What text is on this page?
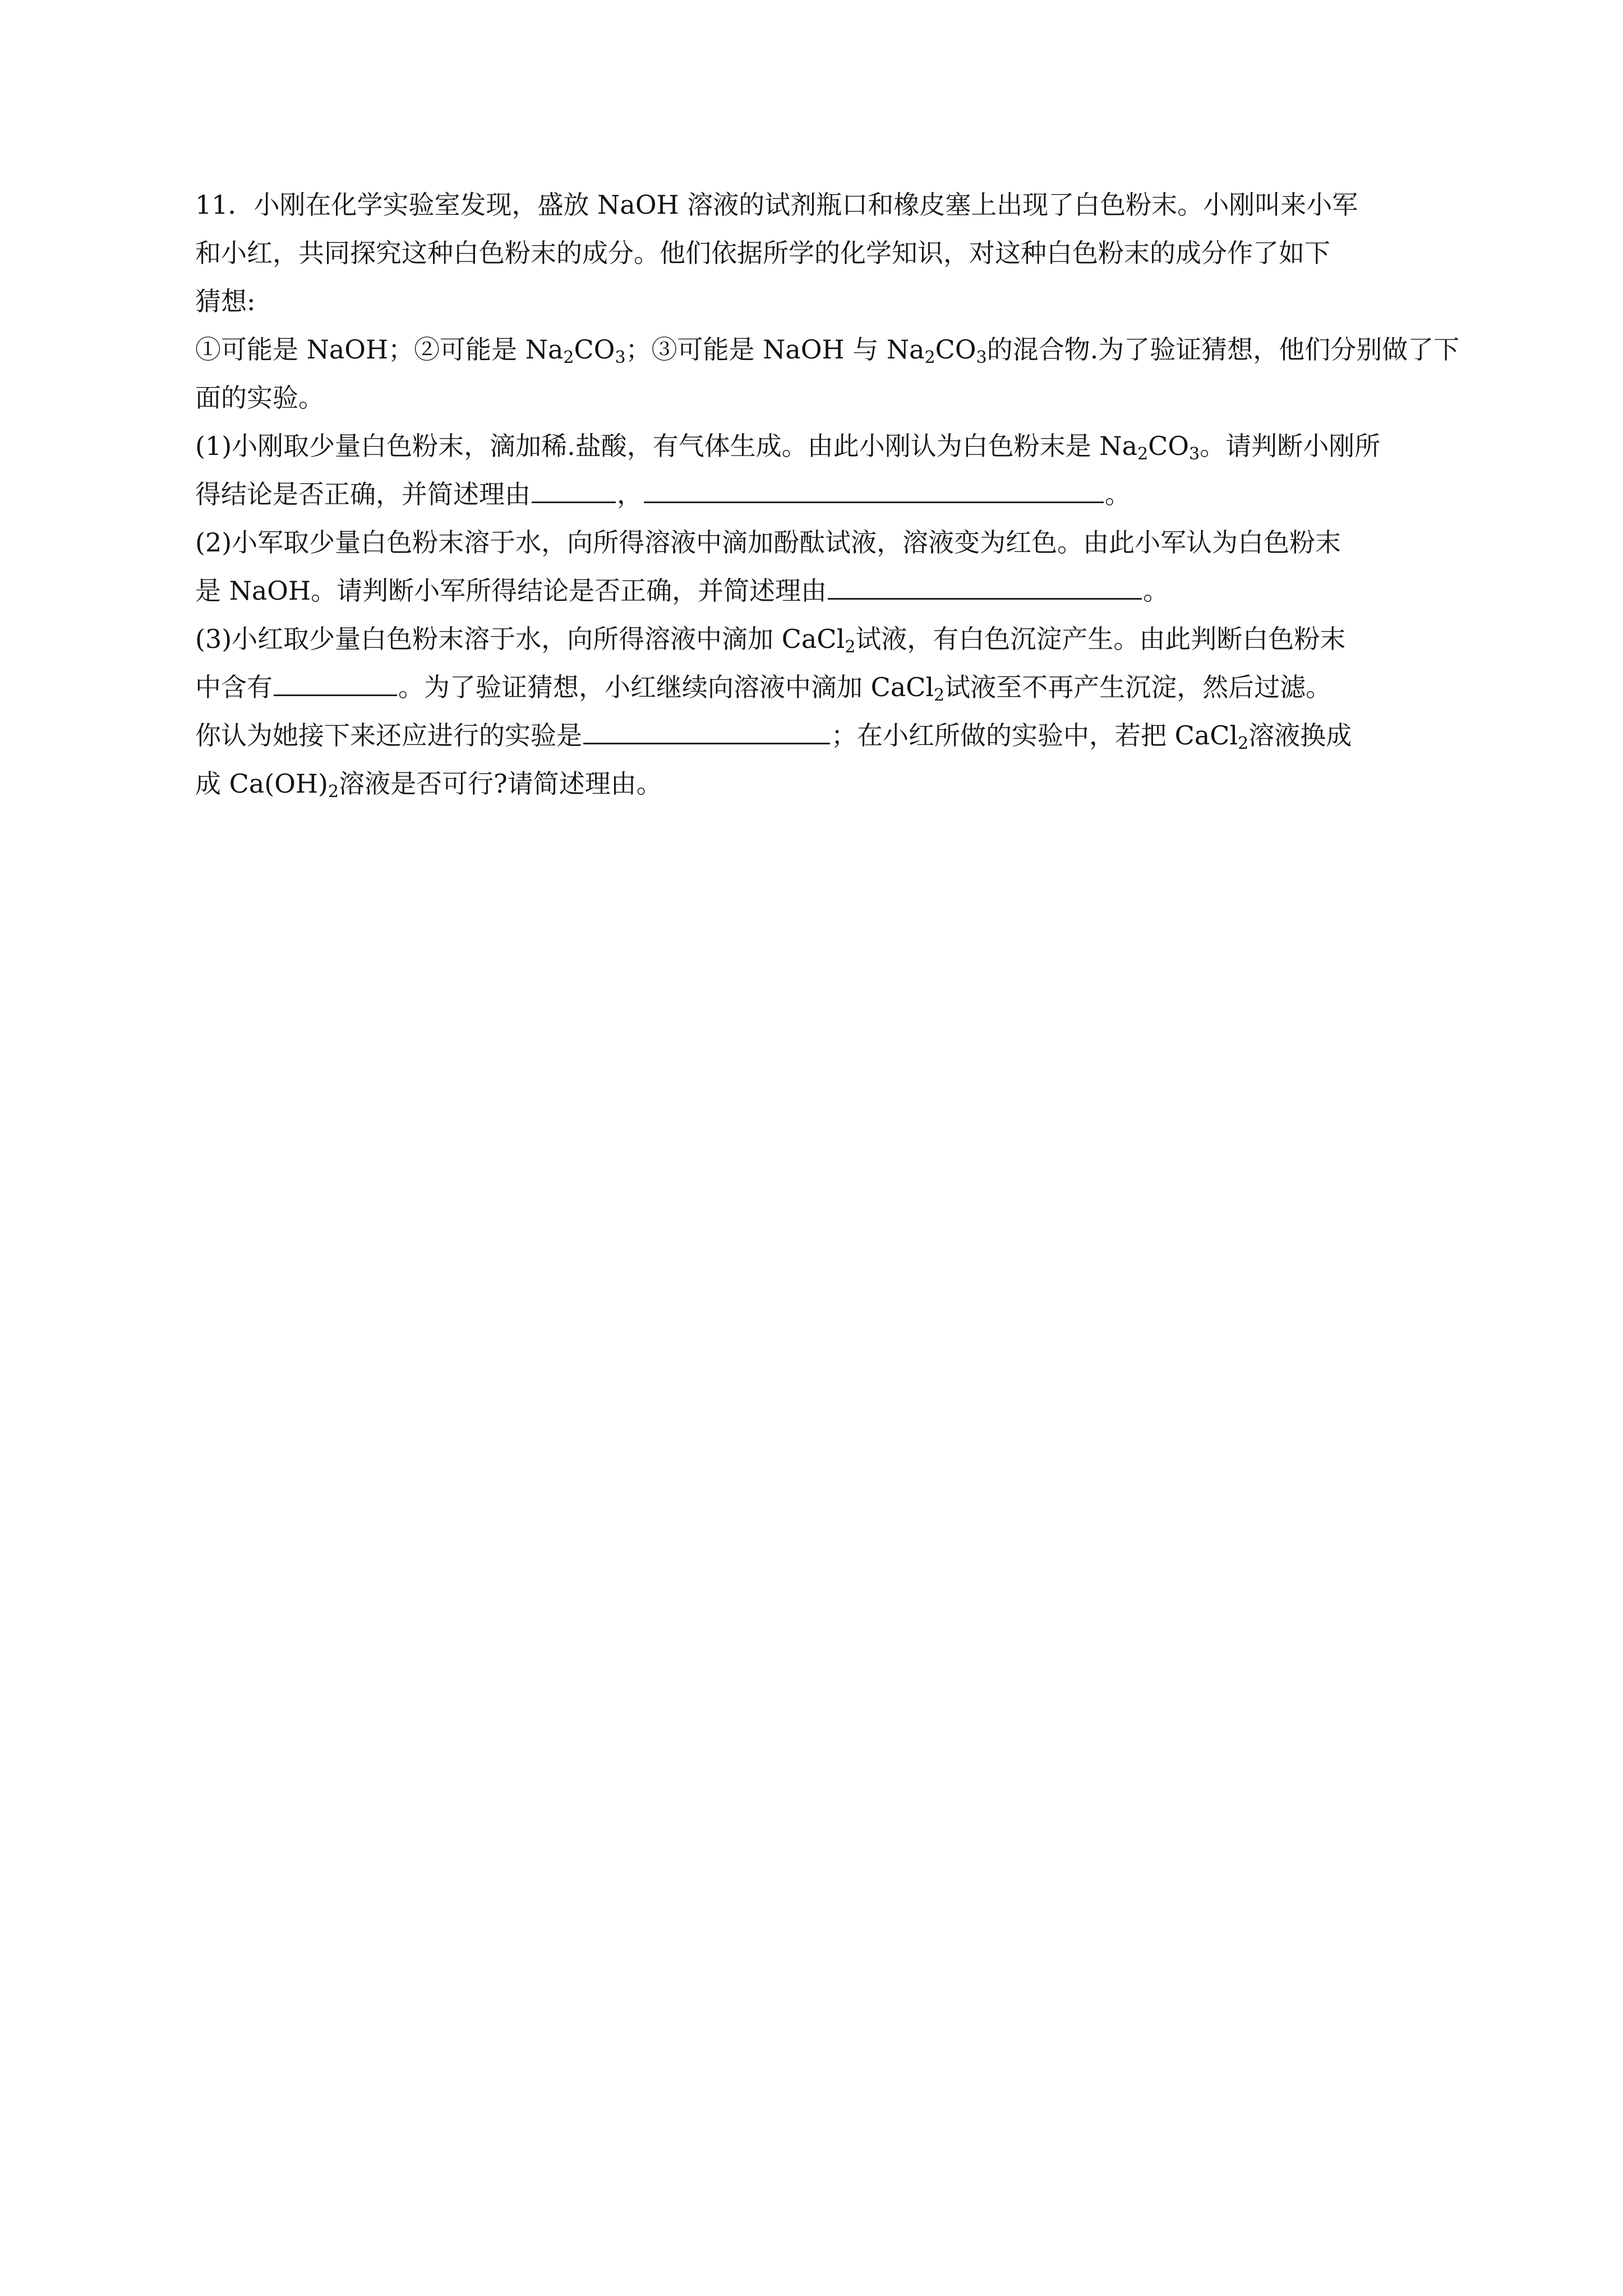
11．小刚在化学实验室发现，盛放 NaOH 溶液的试剂瓶口和橡皮塞上出现了白色粉末。小刚叫来小军

和小红，共同探究这种白色粉末的成分。他们依据所学的化学知识，对这种白色粉末的成分作了如下

猜想:

①可能是 NaOH；②可能是 $Na_2CO_3$；③可能是 NaOH 与 $Na_2CO_3$的混合物.为了验证猜想，他们分别做了下

面的实验。

(1)小刚取少量白色粉末，滴加稀.盐酸，有气体生成。由此小刚认为白色粉末是 $Na_2CO_3$。请判断小刚所

得结论是否正确，并简述理由	，	。

(2)小军取少量白色粉末溶于水，向所得溶液中滴加酚酞试液，溶液变为红色。由此小军认为白色粉末

是 NaOH。请判断小军所得结论是否正确，并简述理由	。

(3)小红取少量白色粉末溶于水，向所得溶液中滴加 CaCl$_2$试液，有白色沉淀产生。由此判断白色粉末

中含有	。为了验证猜想，小红继续向溶液中滴加 CaCl$_2$试液至不再产生沉淀，然后过滤。

你认为她接下来还应进行的实验是	；在小红所做的实验中，若把 CaCl$_2$溶液换成

成 $Ca(OH)_2$溶液是否可行?请简述理由。
